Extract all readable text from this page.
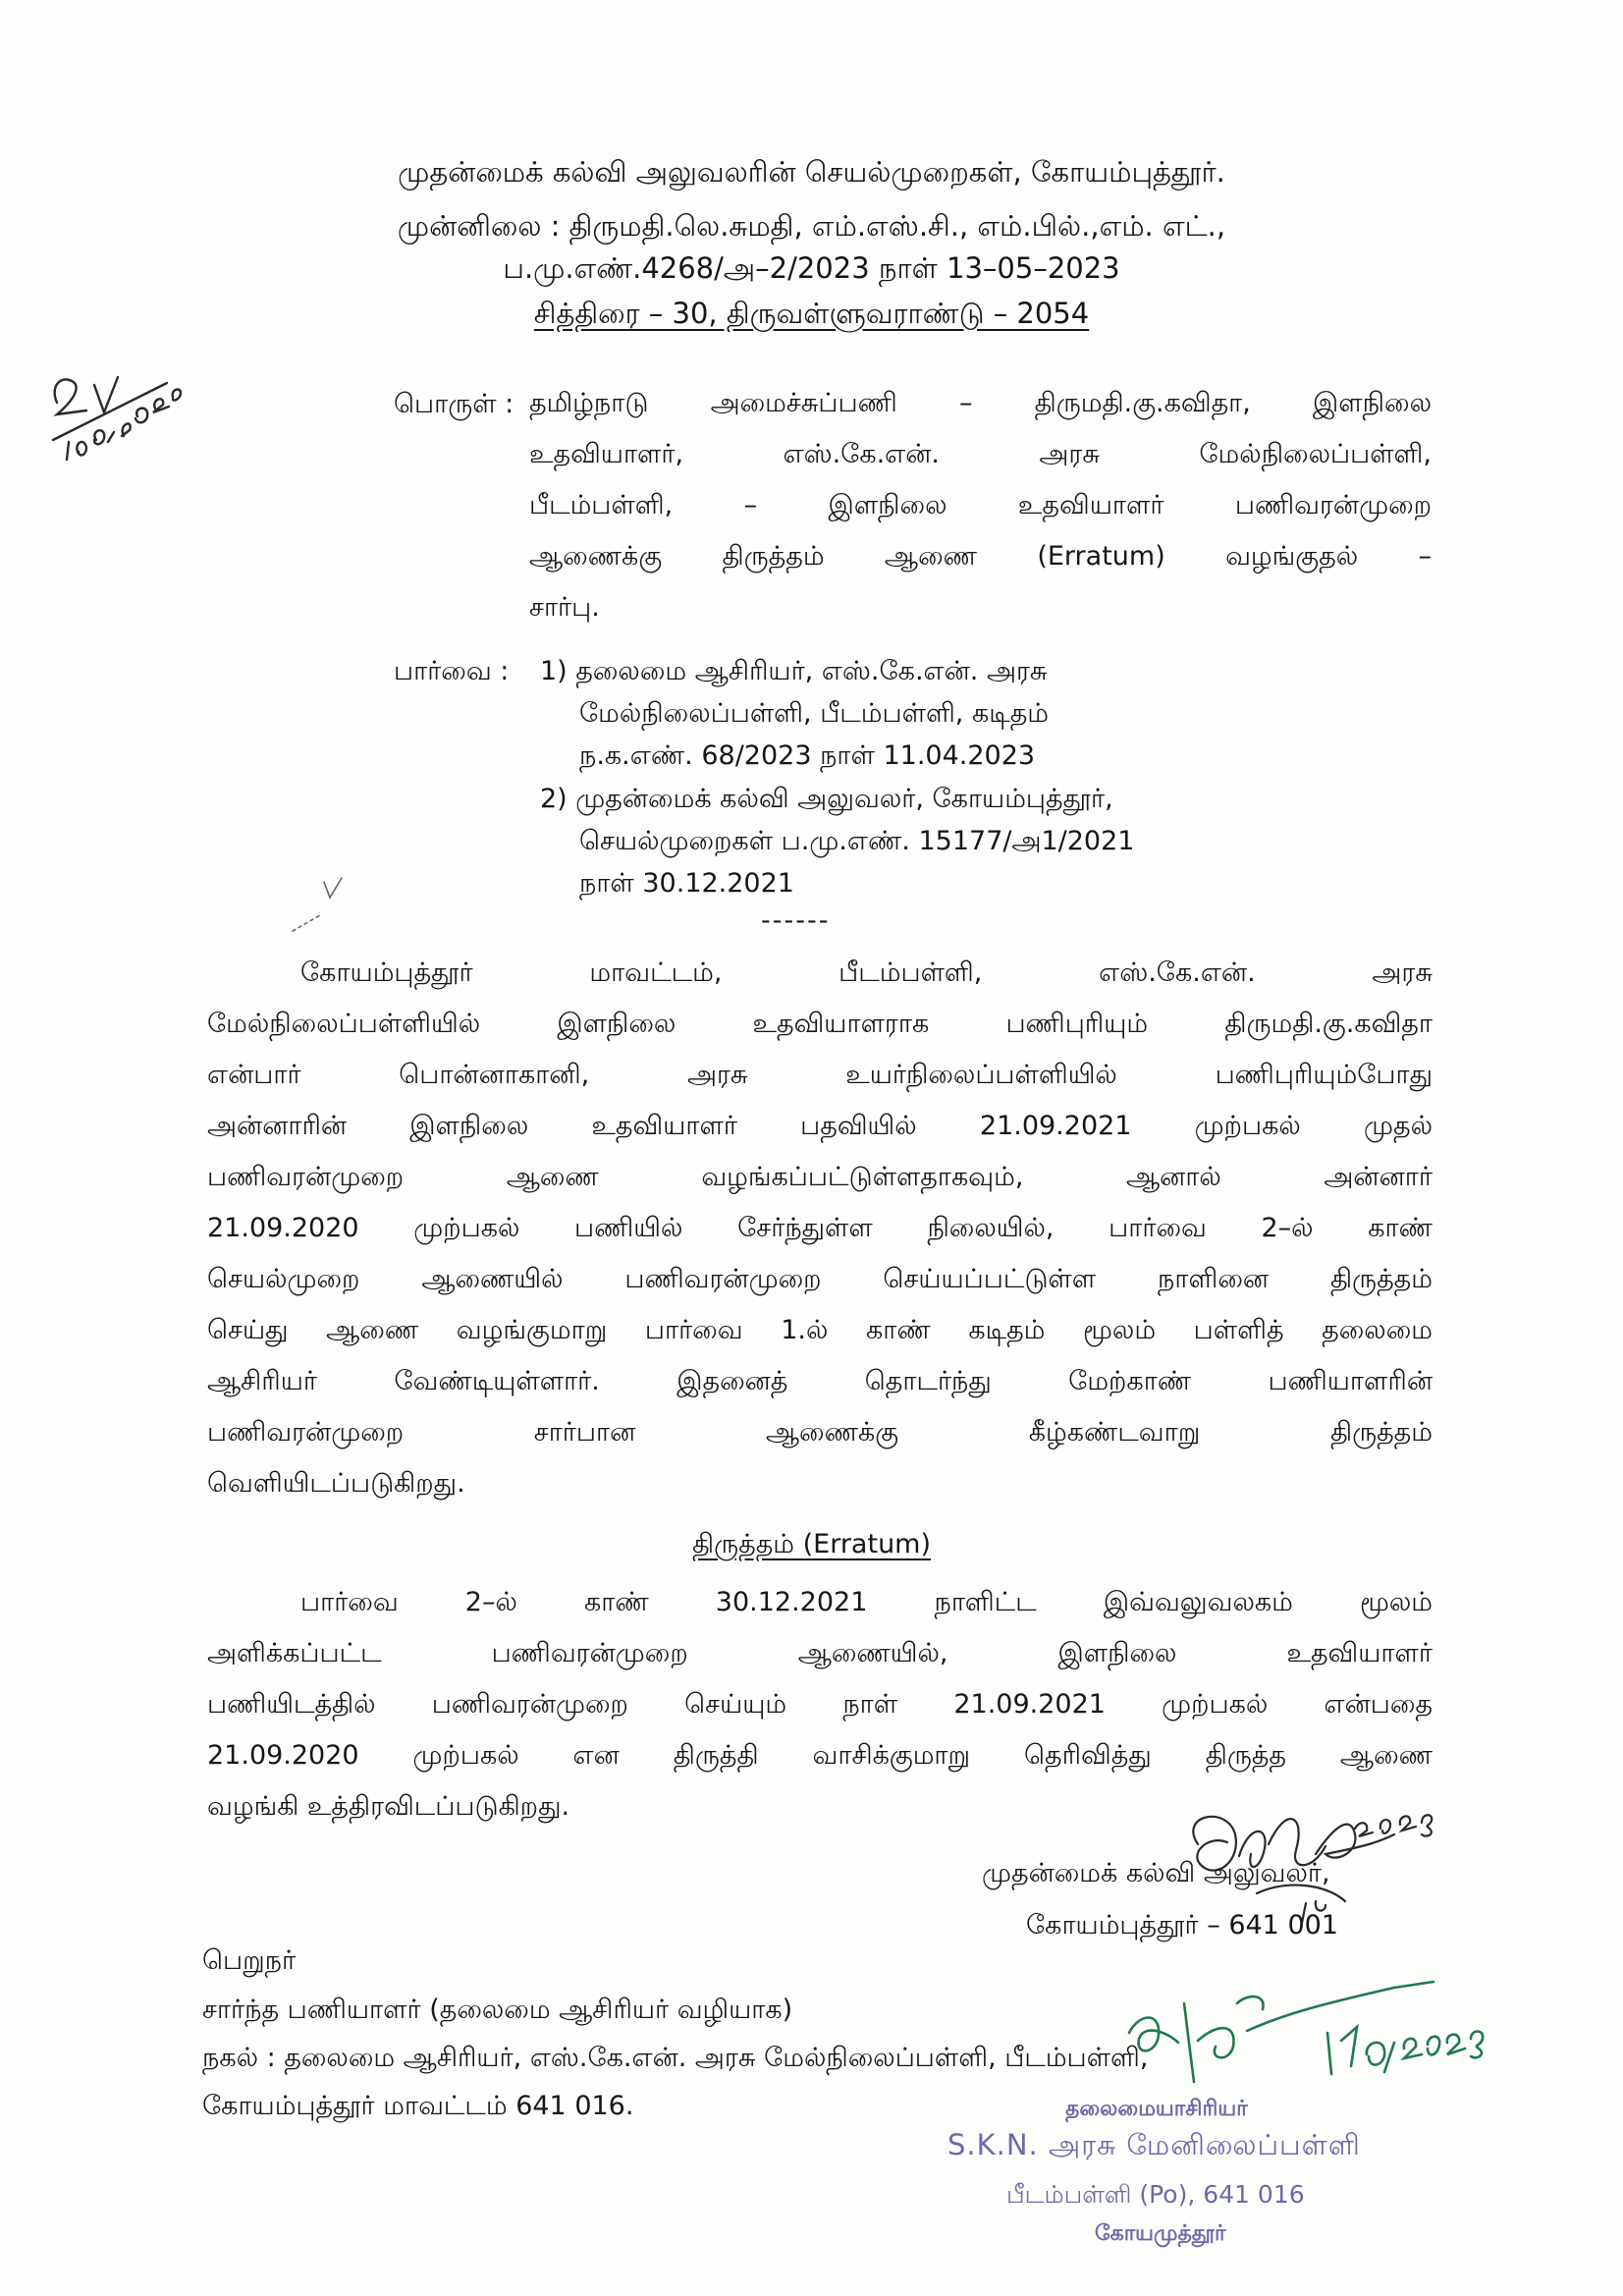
முதன்மைக் கல்வி அலுவலரின் செயல்முறைகள், கோயம்புத்தூர்.
முன்னிலை : திருமதி.லெ.சுமதி, எம்.எஸ்.சி., எம்.பில்.,எம். எட்.,
ப.மு.எண்.4268/அ–2/2023 நாள் 13–05–2023
சித்திரை – 30, திருவள்ளுவராண்டு – 2054
பொருள் : தமிழ்நாடு அமைச்சுப்பணி – திருமதி.கு.கவிதா, இளநிலை
உதவியாளர், எஸ்.கே.என். அரசு மேல்நிலைப்பள்ளி,
பீடம்பள்ளி, – இளநிலை உதவியாளர் பணிவரன்முறை
ஆணைக்கு திருத்தம் ஆணை (Erratum) வழங்குதல் –
சார்பு.
பார்வை : 1) தலைமை ஆசிரியர், எஸ்.கே.என். அரசு
மேல்நிலைப்பள்ளி, பீடம்பள்ளி, கடிதம்
ந.க.எண். 68/2023 நாள் 11.04.2023
2) முதன்மைக் கல்வி அலுவலர், கோயம்புத்தூர்,
செயல்முறைகள் ப.மு.எண். 15177/அ1/2021
நாள் 30.12.2021
------
கோயம்புத்தூர் மாவட்டம், பீடம்பள்ளி, எஸ்.கே.என். அரசு
மேல்நிலைப்பள்ளியில் இளநிலை உதவியாளராக பணிபுரியும் திருமதி.கு.கவிதா
என்பார் பொன்னாகானி, அரசு உயர்நிலைப்பள்ளியில் பணிபுரியும்போது
அன்னாரின் இளநிலை உதவியாளர் பதவியில் 21.09.2021 முற்பகல் முதல்
பணிவரன்முறை ஆணை வழங்கப்பட்டுள்ளதாகவும், ஆனால் அன்னார்
21.09.2020 முற்பகல் பணியில் சேர்ந்துள்ள நிலையில், பார்வை 2–ல் காண்
செயல்முறை ஆணையில் பணிவரன்முறை செய்யப்பட்டுள்ள நாளினை திருத்தம்
செய்து ஆணை வழங்குமாறு பார்வை 1.ல் காண் கடிதம் மூலம் பள்ளித் தலைமை
ஆசிரியர் வேண்டியுள்ளார். இதனைத் தொடர்ந்து மேற்காண் பணியாளரின்
பணிவரன்முறை சார்பான ஆணைக்கு கீழ்கண்டவாறு திருத்தம்
வெளியிடப்படுகிறது.
திருத்தம் (Erratum)
பார்வை 2–ல் காண் 30.12.2021 நாளிட்ட இவ்வலுவலகம் மூலம்
அளிக்கப்பட்ட பணிவரன்முறை ஆணையில், இளநிலை உதவியாளர்
பணியிடத்தில் பணிவரன்முறை செய்யும் நாள் 21.09.2021 முற்பகல் என்பதை
21.09.2020 முற்பகல் என திருத்தி வாசிக்குமாறு தெரிவித்து திருத்த ஆணை
வழங்கி உத்திரவிடப்படுகிறது.
முதன்மைக் கல்வி அலுவலர்,
கோயம்புத்தூர் – 641 001
பெறுநர்
சார்ந்த பணியாளர் (தலைமை ஆசிரியர் வழியாக)
நகல் : தலைமை ஆசிரியர், எஸ்.கே.என். அரசு மேல்நிலைப்பள்ளி, பீடம்பள்ளி,
கோயம்புத்தூர் மாவட்டம் 641 016.	தலைமையாசிரியர்
S.K.N. அரசு மேனிலைப்பள்ளி
பீடம்பள்ளி (Po), 641 016
கோயமுத்தூர்
